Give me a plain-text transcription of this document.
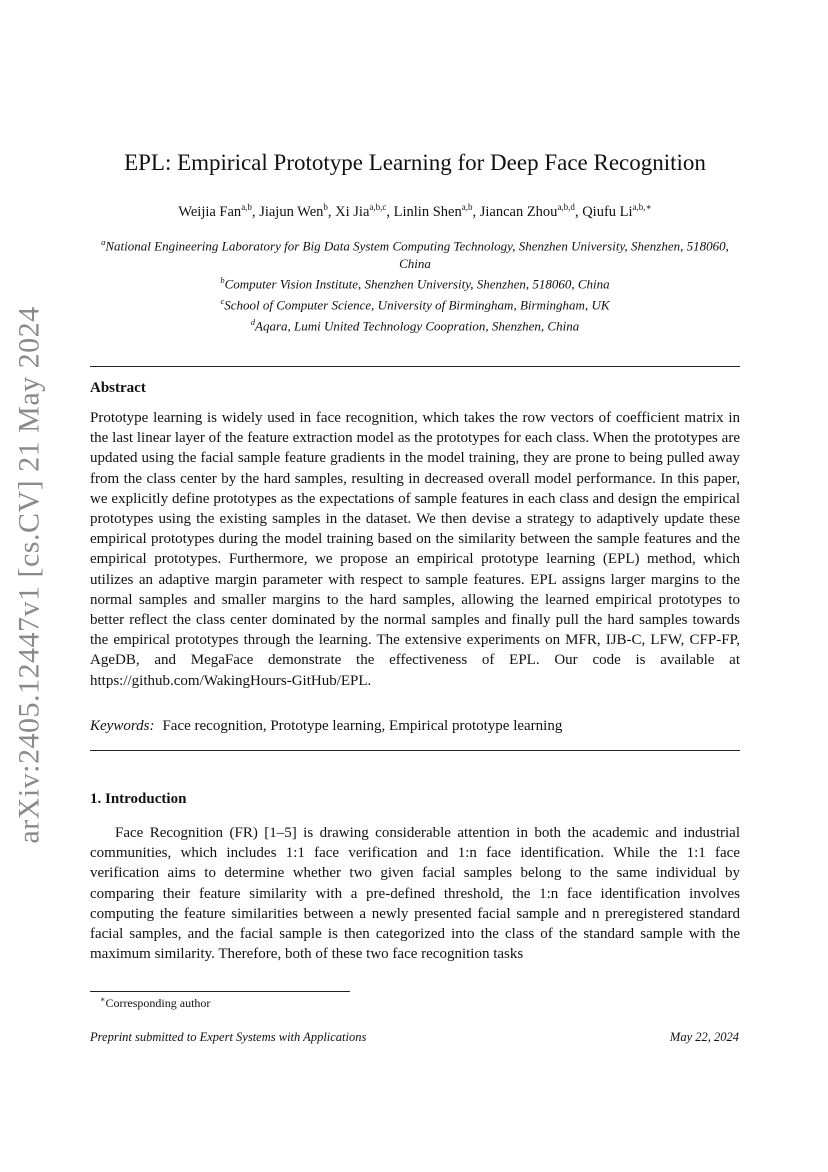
arXiv:2405.12447v1 [cs.CV] 21 May 2024
EPL: Empirical Prototype Learning for Deep Face Recognition
Weijia Fan$^{a,b}$, Jiajun Wen$^b$, Xi Jia$^{a,b,c}$, Linlin Shen$^{a,b}$, Jiancan Zhou$^{a,b,d}$, Qiufu $Li^{a,b,∗}$
$^a$National Engineering Laboratory for Big Data System Computing Technology, Shenzhen University, Shenzhen, 518060, China
$^b$Computer Vision Institute, Shenzhen University, Shenzhen, 518060, China
$^c$School of Computer Science, University of Birmingham, Birmingham, UK
$^d$Aqara, Lumi United Technology Coopration, Shenzhen, China
Abstract
Prototype learning is widely used in face recognition, which takes the row vectors of coefficient matrix in the last linear layer of the feature extraction model as the prototypes for each class. When the prototypes are updated using the facial sample feature gradients in the model training, they are prone to being pulled away from the class center by the hard samples, resulting in decreased overall model performance. In this paper, we explicitly define prototypes as the expectations of sample features in each class and design the empirical prototypes using the existing samples in the dataset. We then devise a strategy to adaptively update these empirical prototypes during the model training based on the similarity between the sample features and the empirical prototypes. Furthermore, we propose an empirical prototype learning (EPL) method, which utilizes an adaptive margin parameter with respect to sample features. EPL assigns larger margins to the normal samples and smaller margins to the hard samples, allowing the learned empirical prototypes to better reflect the class center dominated by the normal samples and finally pull the hard samples towards the empirical prototypes through the learning. The extensive experiments on MFR, IJB-C, LFW, CFP-FP, AgeDB, and MegaFace demonstrate the effectiveness of EPL. Our code is available at https://github.com/WakingHours-GitHub/EPL.
Keywords: Face recognition, Prototype learning, Empirical prototype learning
1. Introduction
Face Recognition (FR) [1–5] is drawing considerable attention in both the academic and industrial communities, which includes 1:1 face verification and 1:n face identification. While the 1:1 face verification aims to determine whether two given facial samples belong to the same individual by comparing their feature similarity with a pre-defined threshold, the 1:n face identification involves computing the feature similarities between a newly presented facial sample and n preregistered standard facial samples, and the facial sample is then categorized into the class of the standard sample with the maximum similarity. Therefore, both of these two face recognition tasks
∗Corresponding author
Preprint submitted to Expert Systems with Applications	May 22, 2024
